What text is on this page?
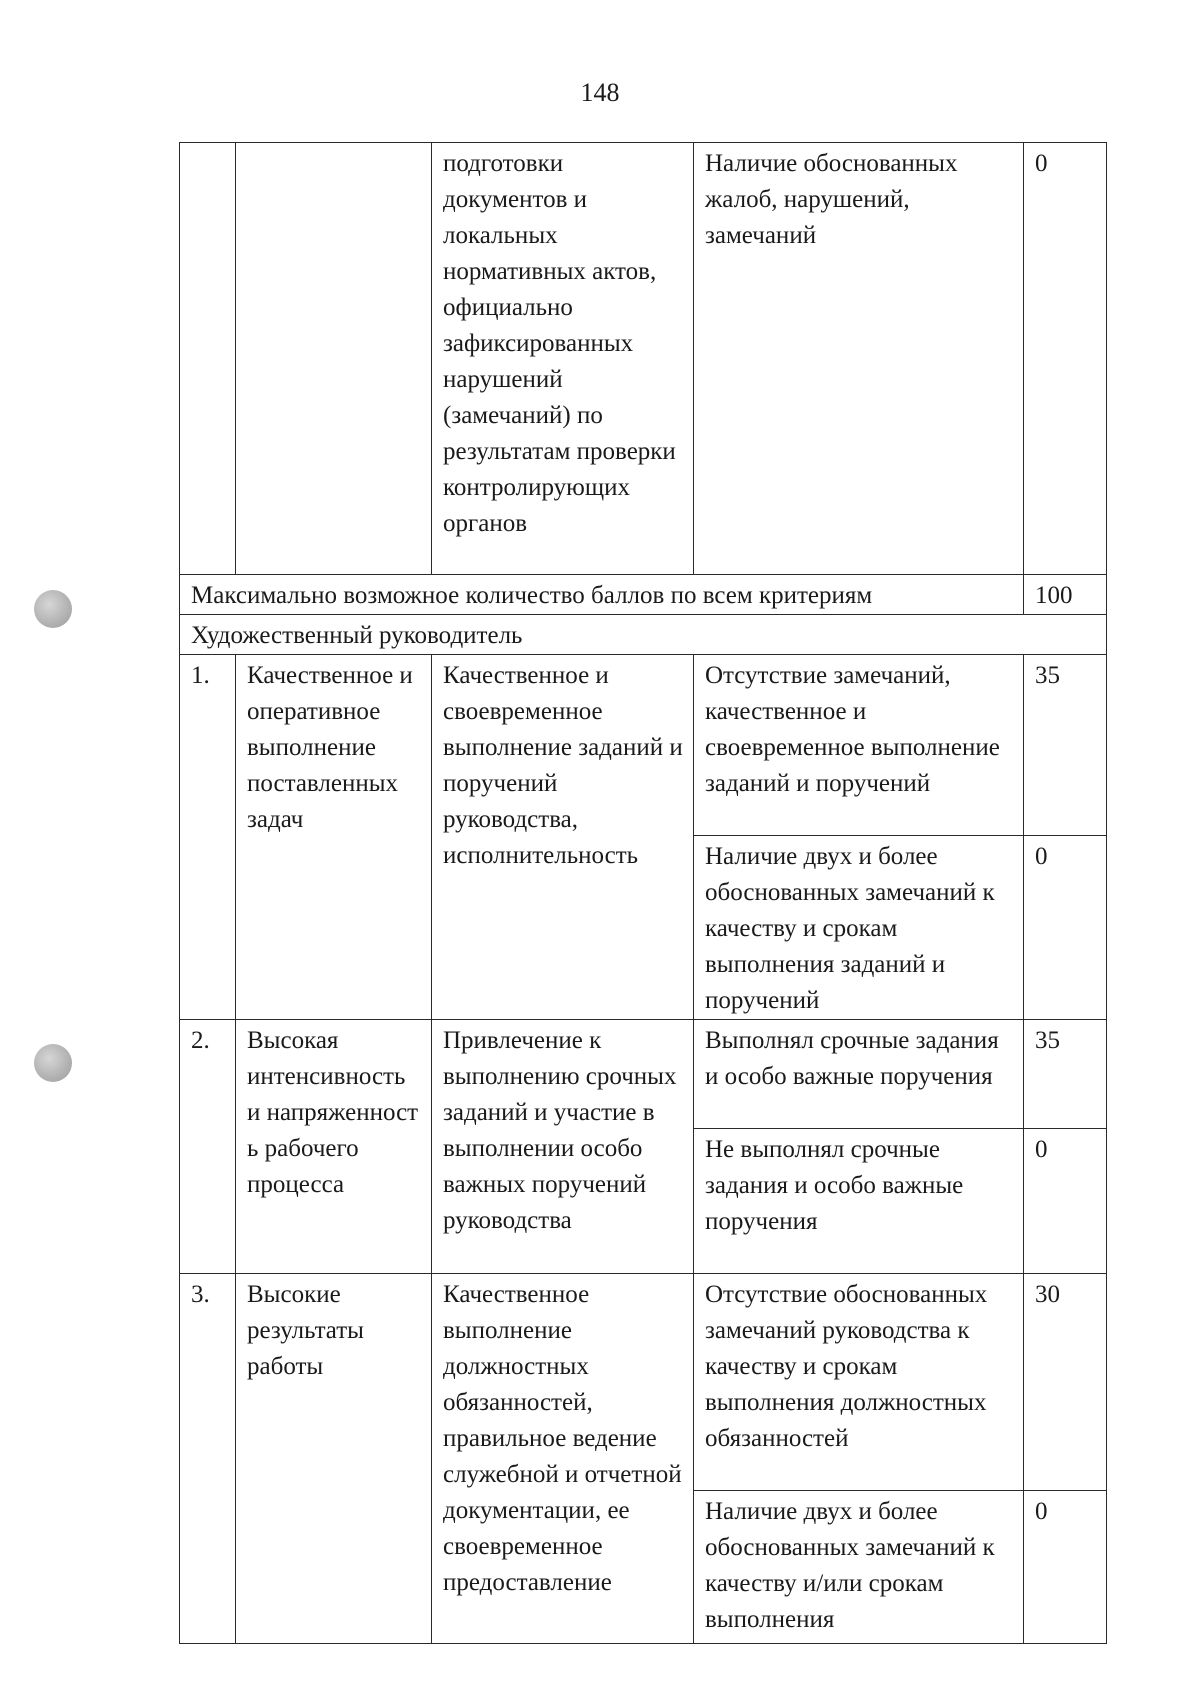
148
		подготовки документов и локальных нормативных актов, официально зафиксированных нарушений (замечаний) по результатам проверки контролирующих органов	Наличие обоснованных жалоб, нарушений, замечаний	0
Максимально возможное количество баллов по всем критериям				100
Художественный руководитель				
1.	Качественное и оперативное выполнение поставленных задач	Качественное и своевременное выполнение заданий и поручений руководства, исполнительность	Отсутствие замечаний, качественное и своевременное выполнение заданий и поручений	35
			Наличие двух и более обоснованных замечаний к качеству и срокам выполнения заданий и поручений	0
2.	Высокая интенсивность и напряженност ь рабочего процесса	Привлечение к выполнению срочных заданий и участие в выполнении особо важных поручений руководства	Выполнял срочные задания и особо важные поручения	35
			Не выполнял срочные задания и особо важные поручения	0
3.	Высокие результаты работы	Качественное выполнение должностных обязанностей, правильное ведение служебной и отчетной документации, ее своевременное предоставление	Отсутствие обоснованных замечаний руководства к качеству и срокам выполнения должностных обязанностей	30
			Наличие двух и более обоснованных замечаний к качеству и/или срокам выполнения	0
